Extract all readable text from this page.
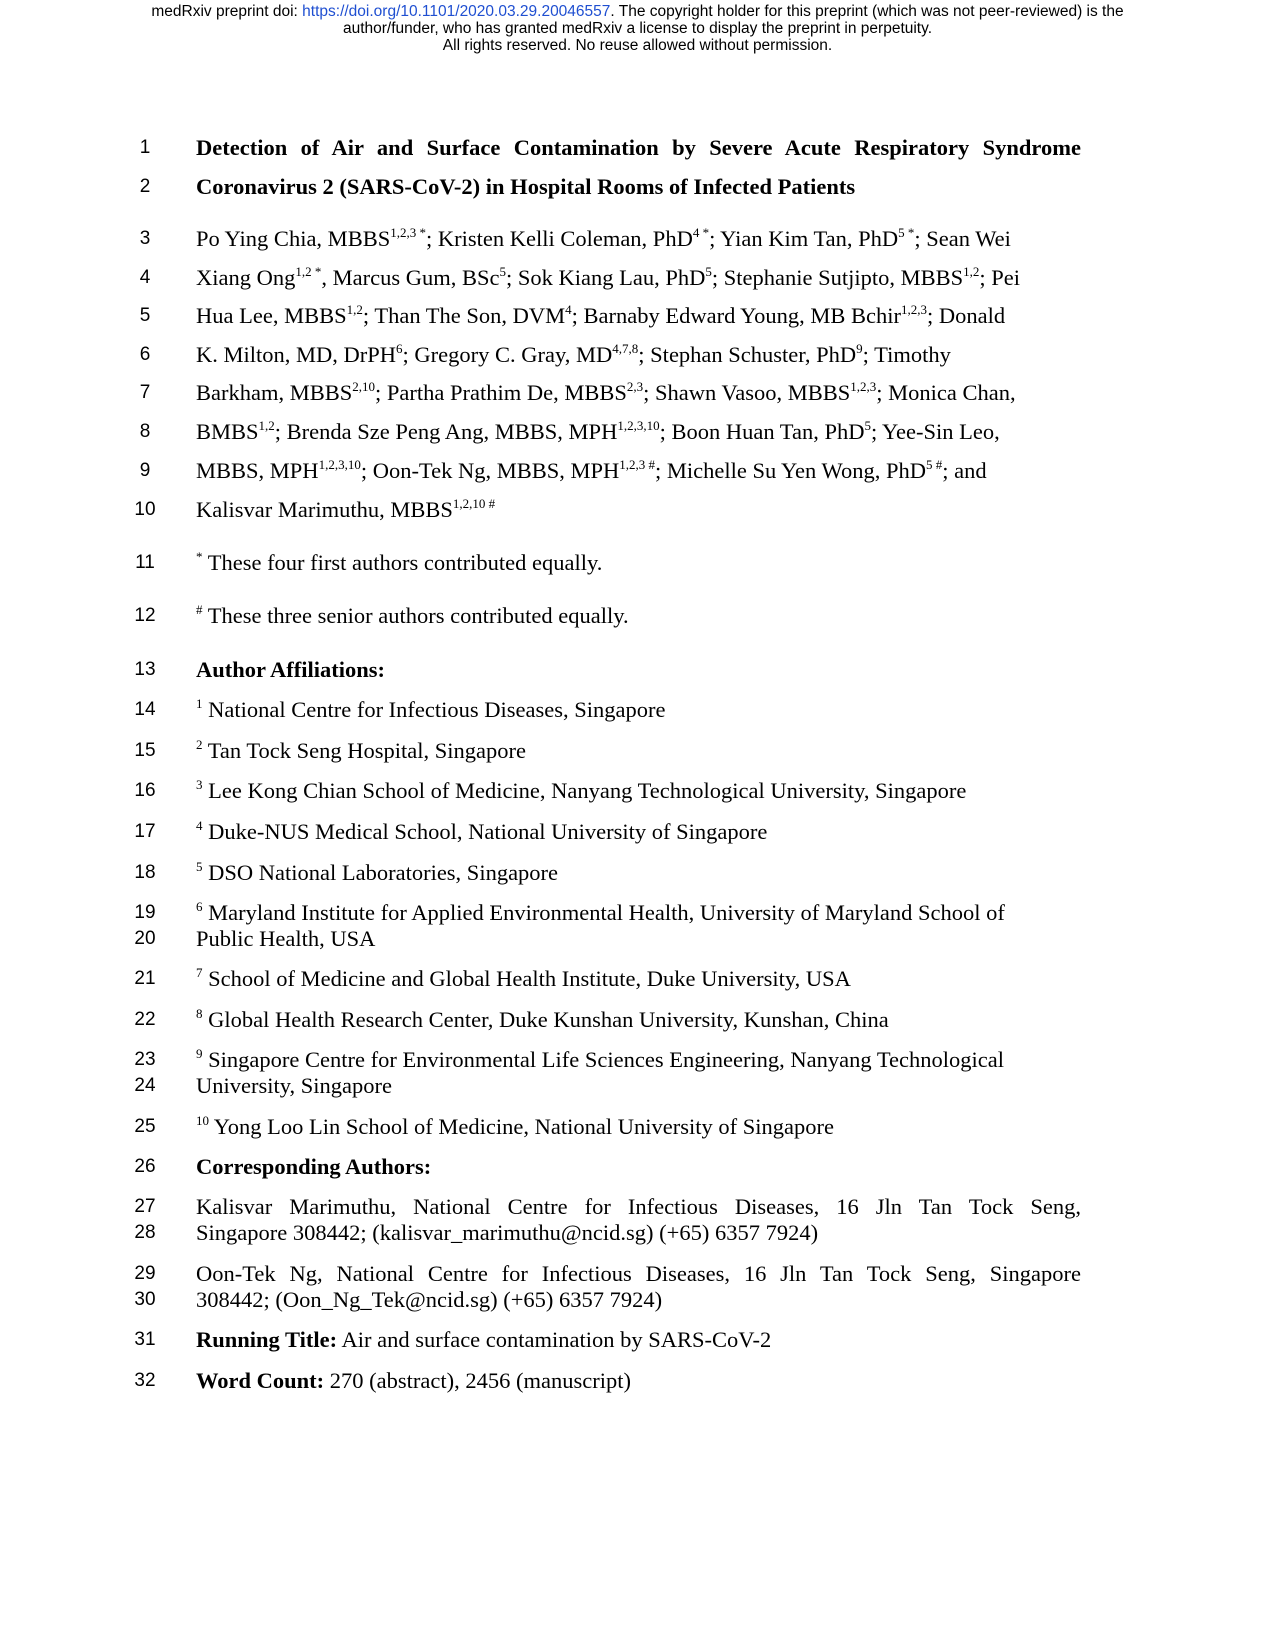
medRxiv preprint doi: https://doi.org/10.1101/2020.03.29.20046557. The copyright holder for this preprint (which was not peer-reviewed) is the
author/funder, who has granted medRxiv a license to display the preprint in perpetuity.
All rights reserved. No reuse allowed without permission.
1	Detection of Air and Surface Contamination by Severe Acute Respiratory Syndrome
2	Coronavirus 2 (SARS-CoV-2) in Hospital Rooms of Infected Patients
3	Po Ying Chia, $MBBS^{1,2,3 *}$; Kristen Kelli Coleman, PhD$^{4 *}$; Yian Kim Tan, PhD$^{5 *}$; Sean Wei
4	Xiang Ong$^{1,2 *}$, Marcus Gum, BSc$^5$; Sok Kiang Lau, PhD$^5$; Stephanie Sutjipto, MBBS$^{1,2}$; Pei
5	Hua Lee, MBBS$^{1,2}$; Than The Son, DVM$^4$; Barnaby Edward Young, MB Bchir$^{1,2,3}$; Donald
6	K. Milton, MD, DrPH$^6$; Gregory C. Gray, MD$^{4,7,8}$; Stephan Schuster, PhD$^9$; Timothy
7	Barkham, MBBS$^{2,10}$; Partha Prathim De, MBBS$^{2,3}$; Shawn Vasoo, MBBS$^{1,2,3}$; Monica Chan,
8	BMBS$^{1,2}$; Brenda Sze Peng Ang, MBBS, MPH$^{1,2,3,10}$; Boon Huan Tan, PhD$^5$; Yee-Sin Leo,
9	MBBS, MPH$^{1,2,3,10}$; Oon-Tek Ng, MBBS, $MPH^{1,2,3 \#}$; Michelle Su Yen Wong, PhD$^{5 \#}$; and
10 Kalisvar Marimuthu, $MBBS^{1,2,10 \#}$
11	* These four first authors contributed equally.
12	# These three senior authors contributed equally.
13 Author Affiliations:
14	$^1$ National Centre for Infectious Diseases, Singapore
15	$^2$ Tan Tock Seng Hospital, Singapore
16	$^3$ Lee Kong Chian School of Medicine, Nanyang Technological University, Singapore
17	$^4$ Duke-NUS Medical School, National University of Singapore
18	$^5$ DSO National Laboratories, Singapore
19	$^6$ Maryland Institute for Applied Environmental Health, University of Maryland School of
20 Public Health, USA
21	$^7$ School of Medicine and Global Health Institute, Duke University, USA
22	$^8$ Global Health Research Center, Duke Kunshan University, Kunshan, China
23	$^9$ Singapore Centre for Environmental Life Sciences Engineering, Nanyang Technological
24 University, Singapore
25	$^{10}$ Yong Loo Lin School of Medicine, National University of Singapore
26 Corresponding Authors:
27 Kalisvar Marimuthu, National Centre for Infectious Diseases, 16 Jln Tan Tock Seng,
28 Singapore 308442; (kalisvar_marimuthu@ncid.sg) (+65) 6357 7924)
29 Oon-Tek Ng, National Centre for Infectious Diseases, 16 Jln Tan Tock Seng, Singapore
30 308442; (Oon_Ng_Tek@ncid.sg) (+65) 6357 7924)
31 Running Title: Air and surface contamination by SARS-CoV-2
32 Word Count: 270 (abstract), 2456 (manuscript)
